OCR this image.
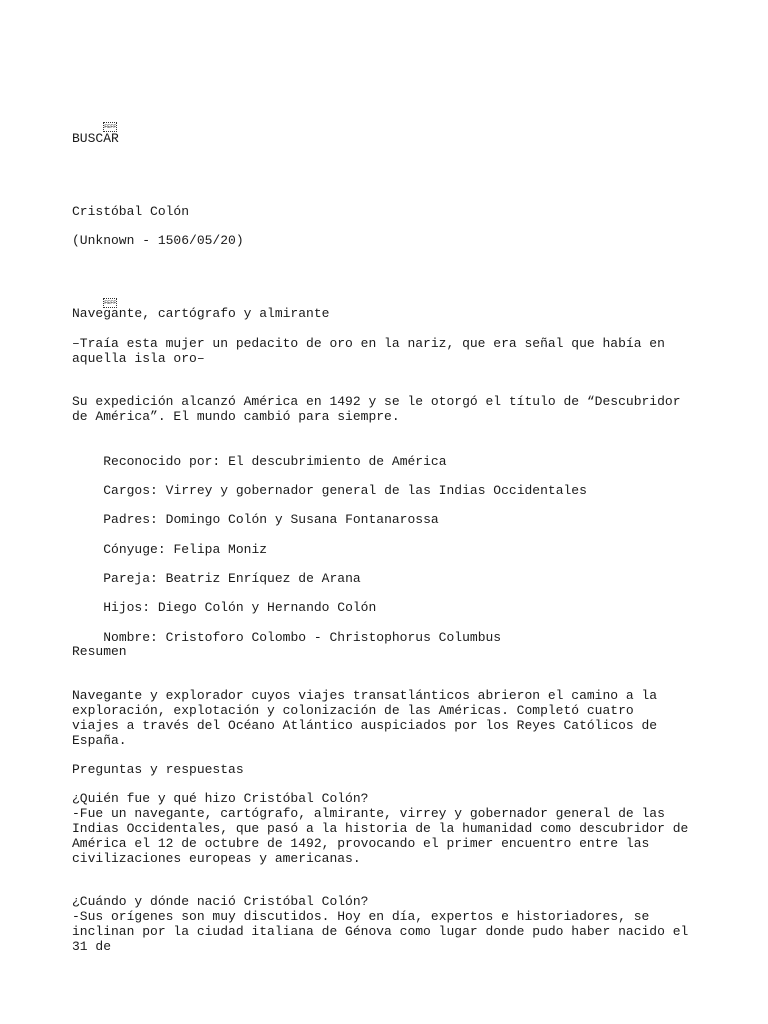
FEFF

BUSCAR
Cristóbal Colón
(Unknown - 1506/05/20)

FEFF

Navegante, cartógrafo y almirante
–Traía esta mujer un pedacito de oro en la nariz, que era señal que había en aquella isla oro–
Su expedición alcanzó América en 1492 y se le otorgó el título de “Descubridor de América”. El mundo cambió para siempre.

Reconocido por: El descubrimiento de América

Cargos: Virrey y gobernador general de las Indias Occidentales

Padres: Domingo Colón y Susana Fontanarossa

Cónyuge: Felipa Moniz

Pareja: Beatriz Enríquez de Arana

Hijos: Diego Colón y Hernando Colón

Nombre: Cristoforo Colombo - Christophorus Columbus

Resumen
Navegante y explorador cuyos viajes transatlánticos abrieron el camino a la exploración, explotación y colonización de las Américas. Completó cuatro viajes a través del Océano Atlántico auspiciados por los Reyes Católicos de España.
Preguntas y respuestas
¿Quién fue y qué hizo Cristóbal Colón?
-Fue un navegante, cartógrafo, almirante, virrey y gobernador general de las Indias Occidentales, que pasó a la historia de la humanidad como descubridor de América el 12 de octubre de 1492, provocando el primer encuentro entre las civilizaciones europeas y americanas.
¿Cuándo y dónde nació Cristóbal Colón?
-Sus orígenes son muy discutidos. Hoy en día, expertos e historiadores, se inclinan por la ciudad italiana de Génova como lugar donde pudo haber nacido el 31 de
